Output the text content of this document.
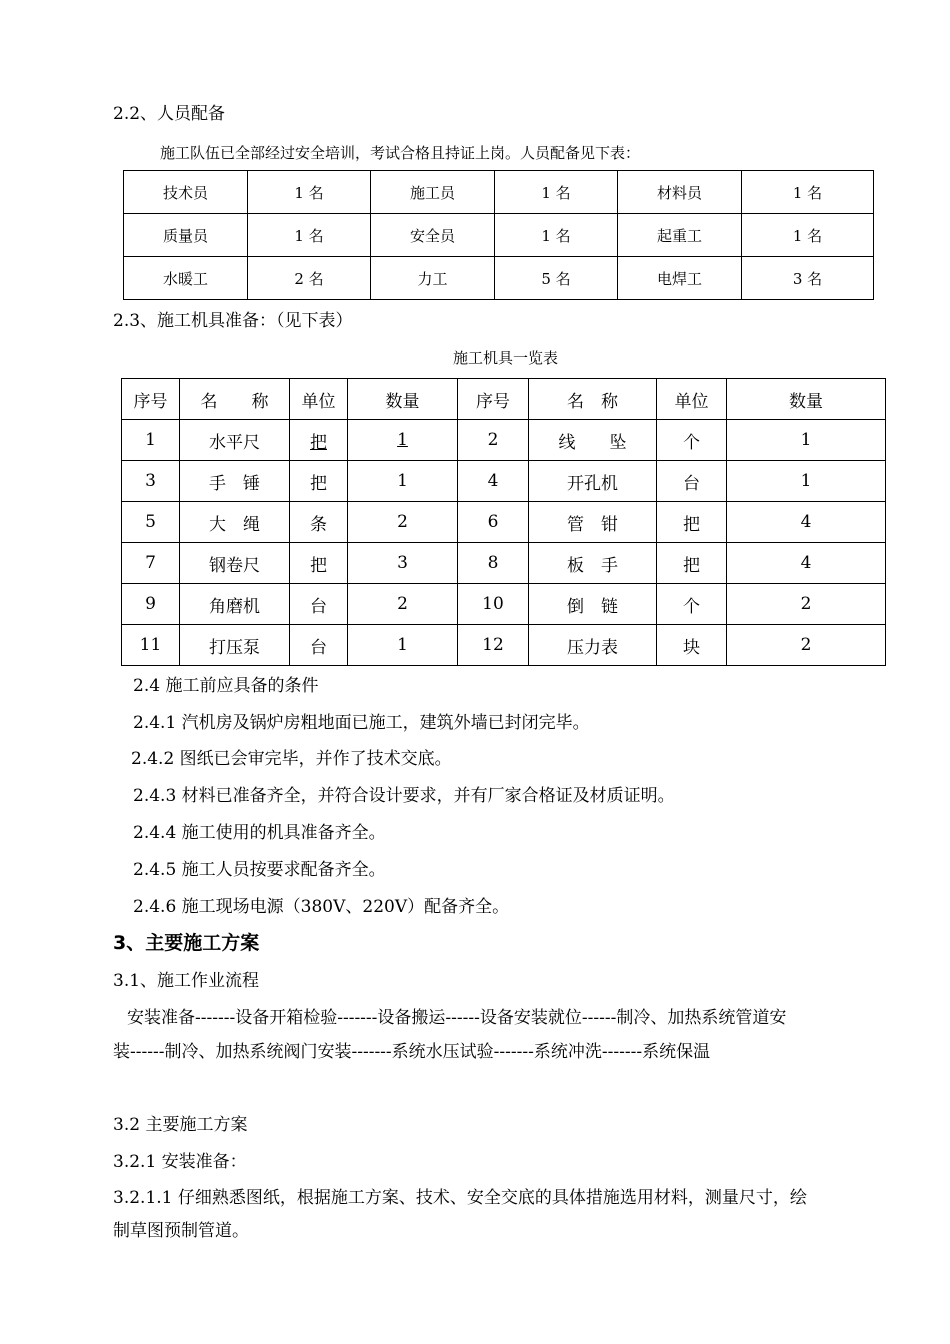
2.2、人员配备
施工队伍已全部经过安全培训，考试合格且持证上岗。人员配备见下表：
技术员	1 名	施工员	1 名	材料员	1 名
质量员	1 名	安全员	1 名	起重工	1 名
水暖工	2 名	力工	5 名	电焊工	3 名
2.3、施工机具准备：（见下表）
施工机具一览表
序号	名　　称	单位	数量	序号	名　称	单位	数量
1	水平尺	把	1	2	线　　坠	个	1
3	手　锤	把	1	4	开孔机	台	1
5	大　绳	条	2	6	管　钳	把	4
7	钢卷尺	把	3	8	板　手	把	4
9	角磨机	台	2	10	倒　链	个	2
11	打压泵	台	1	12	压力表	块	2
2.4 施工前应具备的条件
2.4.1 汽机房及锅炉房粗地面已施工，建筑外墙已封闭完毕。
2.4.2 图纸已会审完毕，并作了技术交底。
2.4.3 材料已准备齐全，并符合设计要求，并有厂家合格证及材质证明。
2.4.4 施工使用的机具准备齐全。
2.4.5 施工人员按要求配备齐全。
2.4.6 施工现场电源（380V、220V）配备齐全。
3、主要施工方案
3.1、施工作业流程
安装准备-------设备开箱检验-------设备搬运------设备安装就位------制冷、加热系统管道安
装------制冷、加热系统阀门安装-------系统水压试验-------系统冲洗-------系统保温
3.2 主要施工方案
3.2.1 安装准备：
3.2.1.1 仔细熟悉图纸，根据施工方案、技术、安全交底的具体措施选用材料，测量尺寸，绘
制草图预制管道。
